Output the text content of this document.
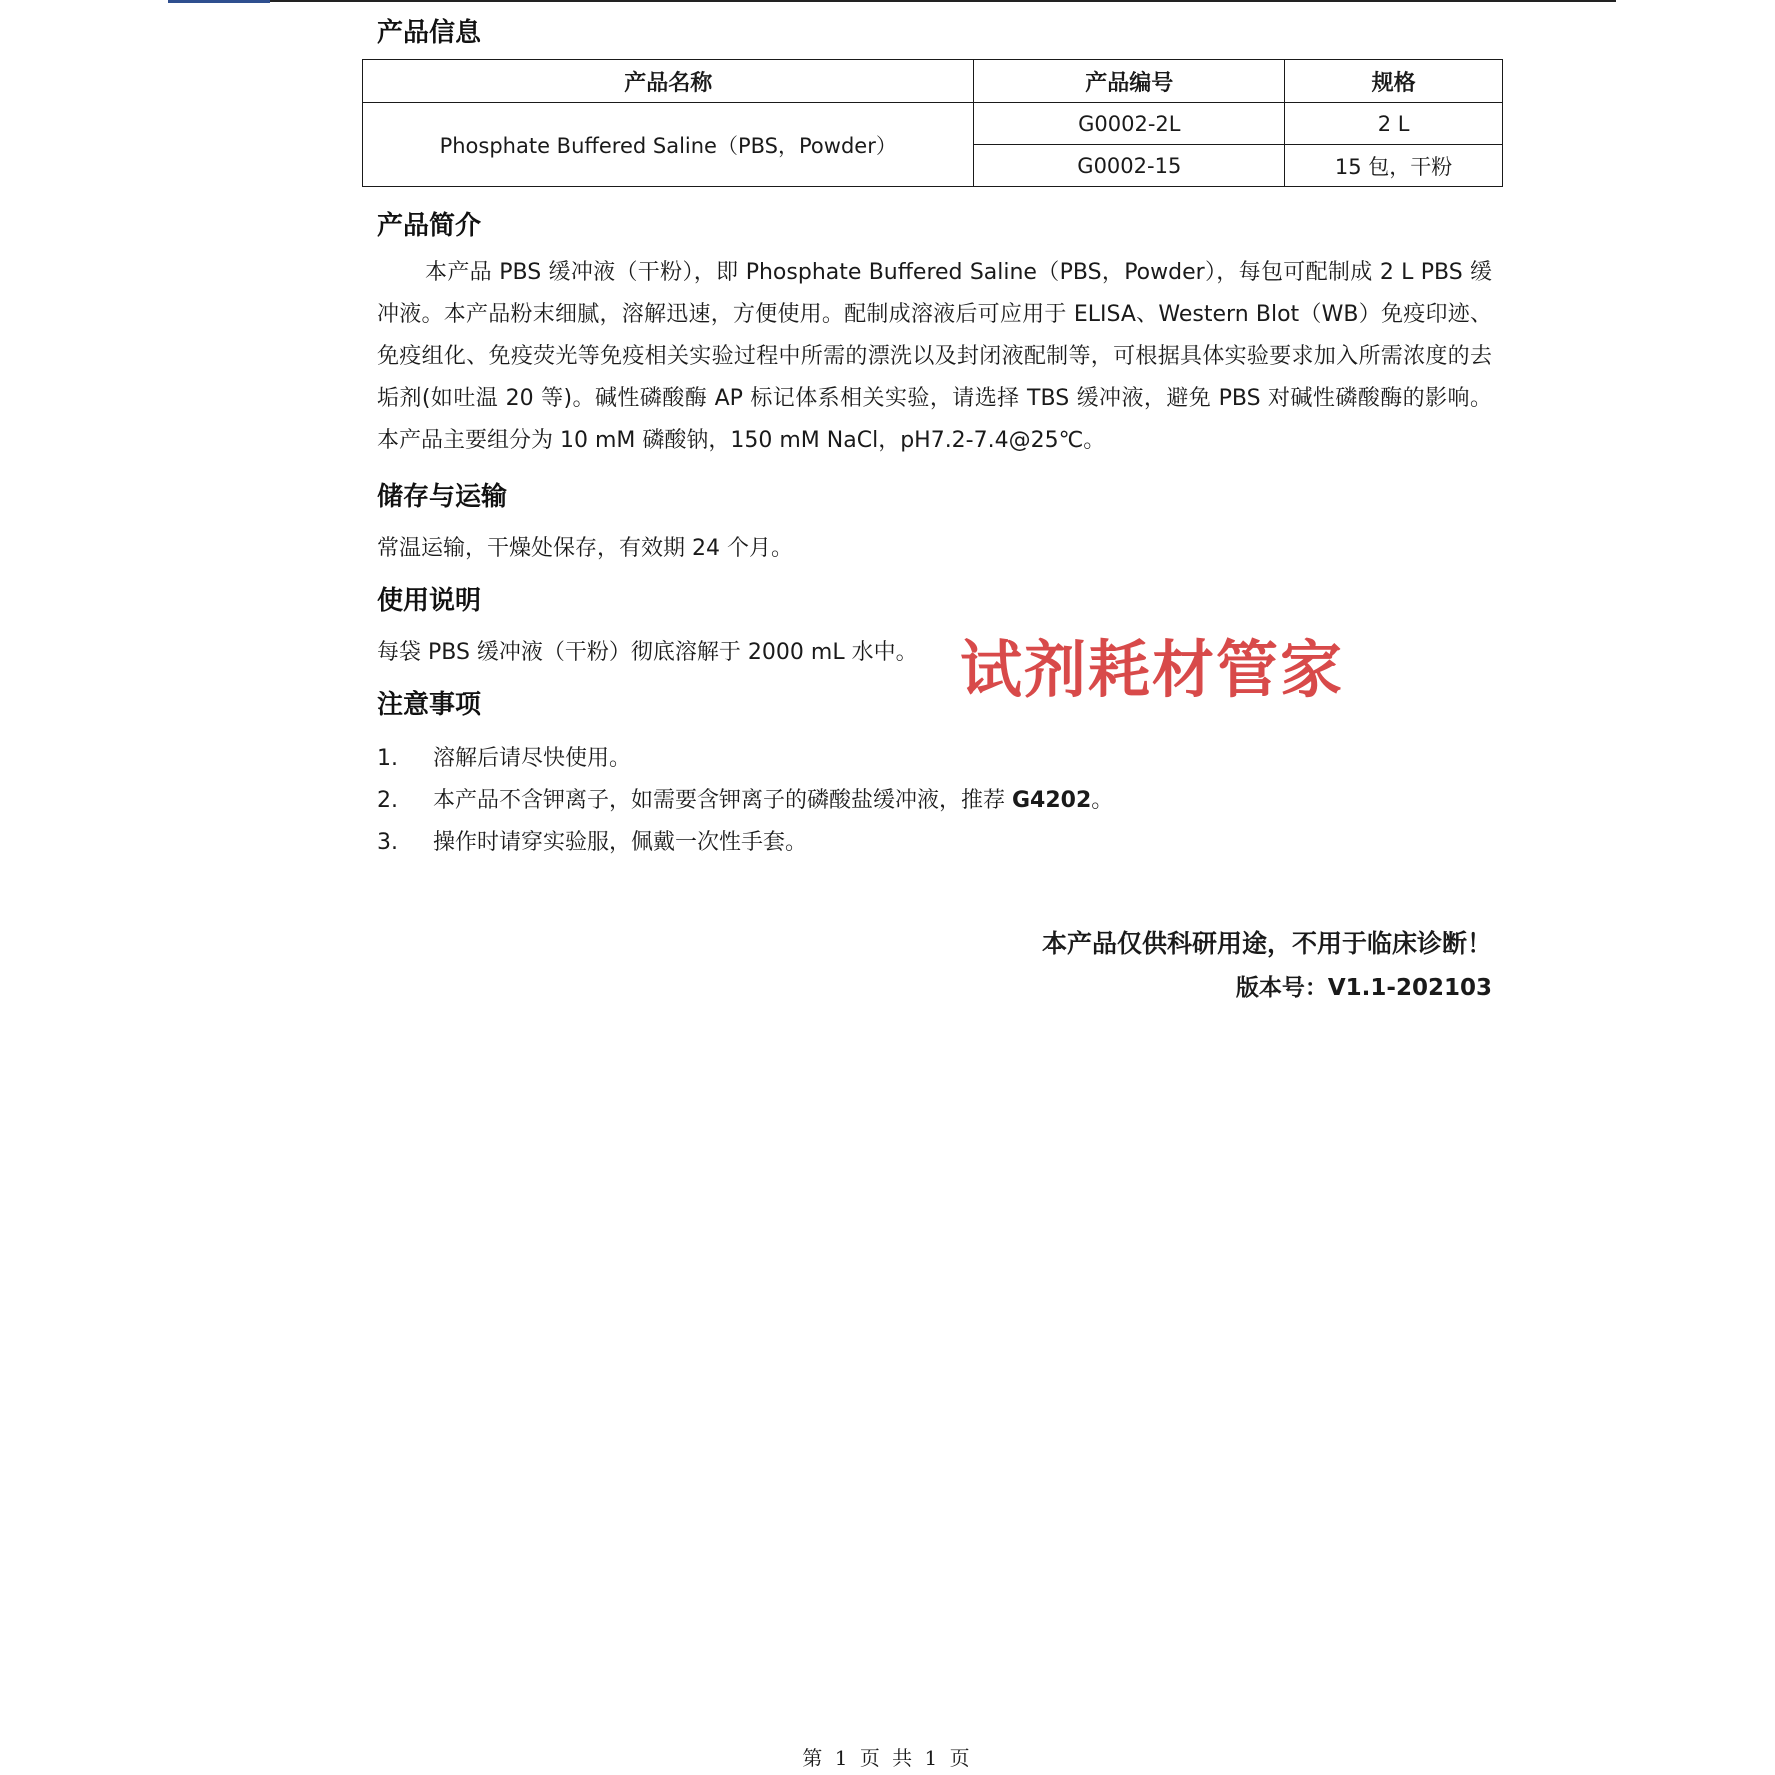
产品信息
产品名称	产品编号	规格
Phosphate Buffered Saline（PBS，Powder）	G0002-2L	2 L
	G0002-15	15 包，干粉
产品简介
本产品 PBS 缓冲液（干粉），即 Phosphate Buffered Saline（PBS，Powder），每包可配制成 2 L PBS 缓冲液。本产品粉末细腻，溶解迅速，方便使用。配制成溶液后可应用于 ELISA、Western Blot（WB）免疫印迹、免疫组化、免疫荧光等免疫相关实验过程中所需的漂洗以及封闭液配制等，可根据具体实验要求加入所需浓度的去垢剂(如吐温 20 等)。碱性磷酸酶 AP 标记体系相关实验，请选择 TBS 缓冲液，避免 PBS 对碱性磷酸酶的影响。本产品主要组分为 10 mM 磷酸钠，150 mM NaCl，pH7.2-7.4@25℃。
储存与运输
常温运输，干燥处保存，有效期 24 个月。
使用说明
每袋 PBS 缓冲液（干粉）彻底溶解于 2000 mL 水中。
注意事项
1. 溶解后请尽快使用。
2. 本产品不含钾离子，如需要含钾离子的磷酸盐缓冲液，推荐 G4202。
3. 操作时请穿实验服，佩戴一次性手套。
本产品仅供科研用途，不用于临床诊断！
版本号：V1.1-202103
试剂耗材管家
第 1 页 共 1 页
